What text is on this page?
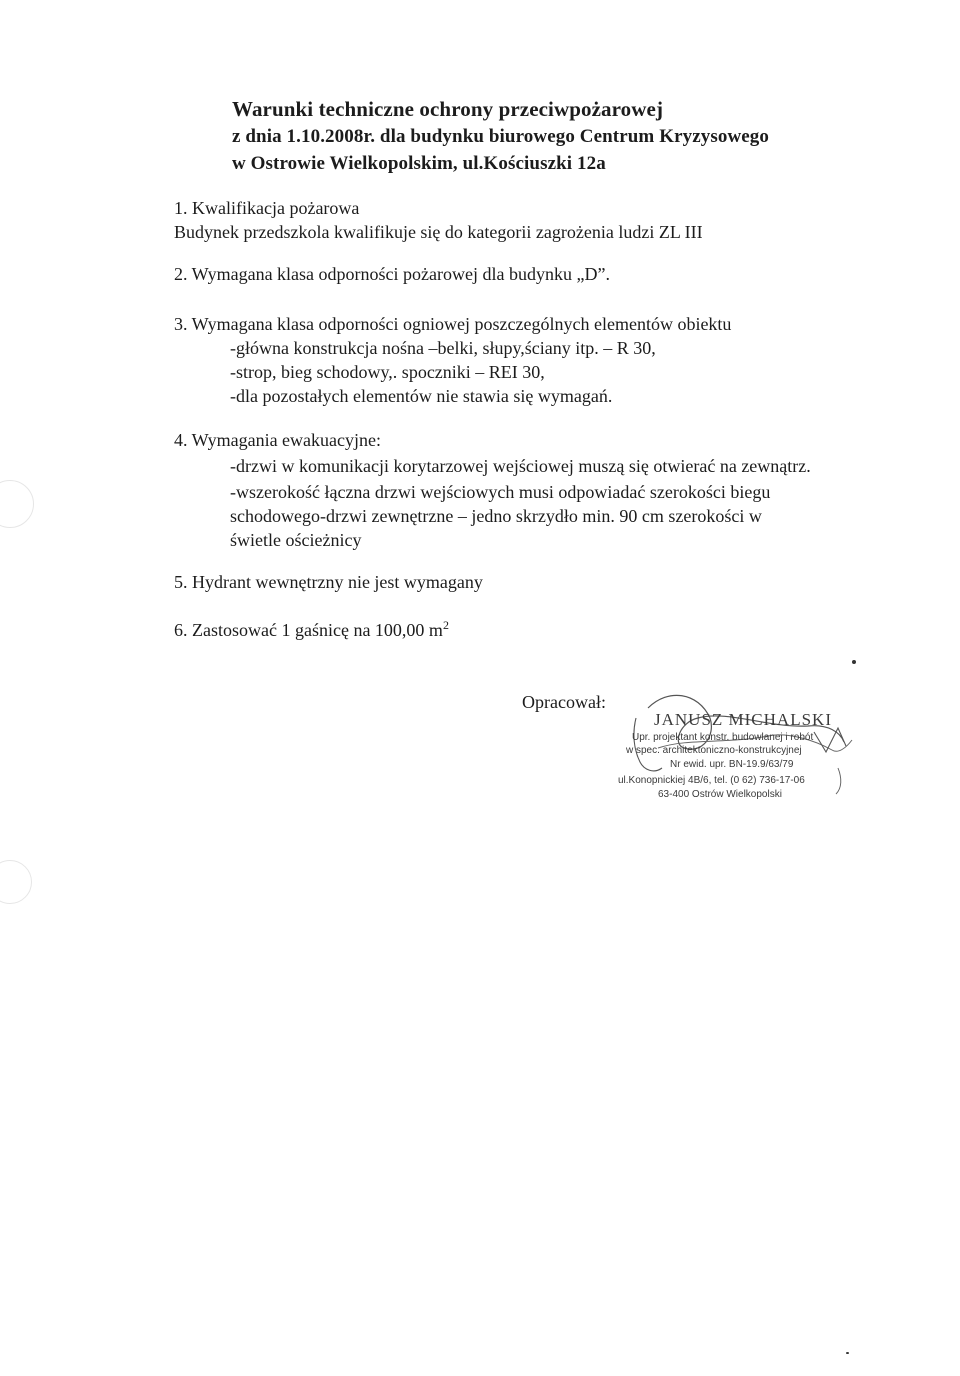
Warunki techniczne ochrony przeciwpożarowej
z dnia 1.10.2008r. dla budynku biurowego Centrum Kryzysowego
w Ostrowie Wielkopolskim, ul.Kościuszki 12a
1. Kwalifikacja pożarowa
Budynek przedszkola kwalifikuje się do kategorii zagrożenia ludzi ZL III
2. Wymagana klasa odporności pożarowej dla budynku „D”.
3. Wymagana klasa odporności ogniowej poszczególnych elementów obiektu
-główna konstrukcja nośna –belki, słupy,ściany itp. – R 30,
-strop, bieg schodowy,. spoczniki – REI 30,
-dla pozostałych elementów nie stawia się wymagań.
4. Wymagania ewakuacyjne:
-drzwi w komunikacji korytarzowej wejściowej muszą się otwierać na zewnątrz.
-wszerokość łączna drzwi wejściowych musi odpowiadać szerokości biegu
schodowego-drzwi zewnętrzne – jedno skrzydło min. 90 cm szerokości w
świetle ościeżnicy
5. Hydrant wewnętrzny nie jest wymagany
6. Zastosować 1 gaśnicę na 100,00 $m^2$
Opracował:
JANUSZ MICHALSKI
Upr. projektant konstr. budowlanej i robót
w spec. architektoniczno-konstrukcyjnej
Nr ewid. upr. BN-19.9/63/79
ul.Konopnickiej 4B/6, tel. (0 62) 736-17-06
63-400 Ostrów Wielkopolski
